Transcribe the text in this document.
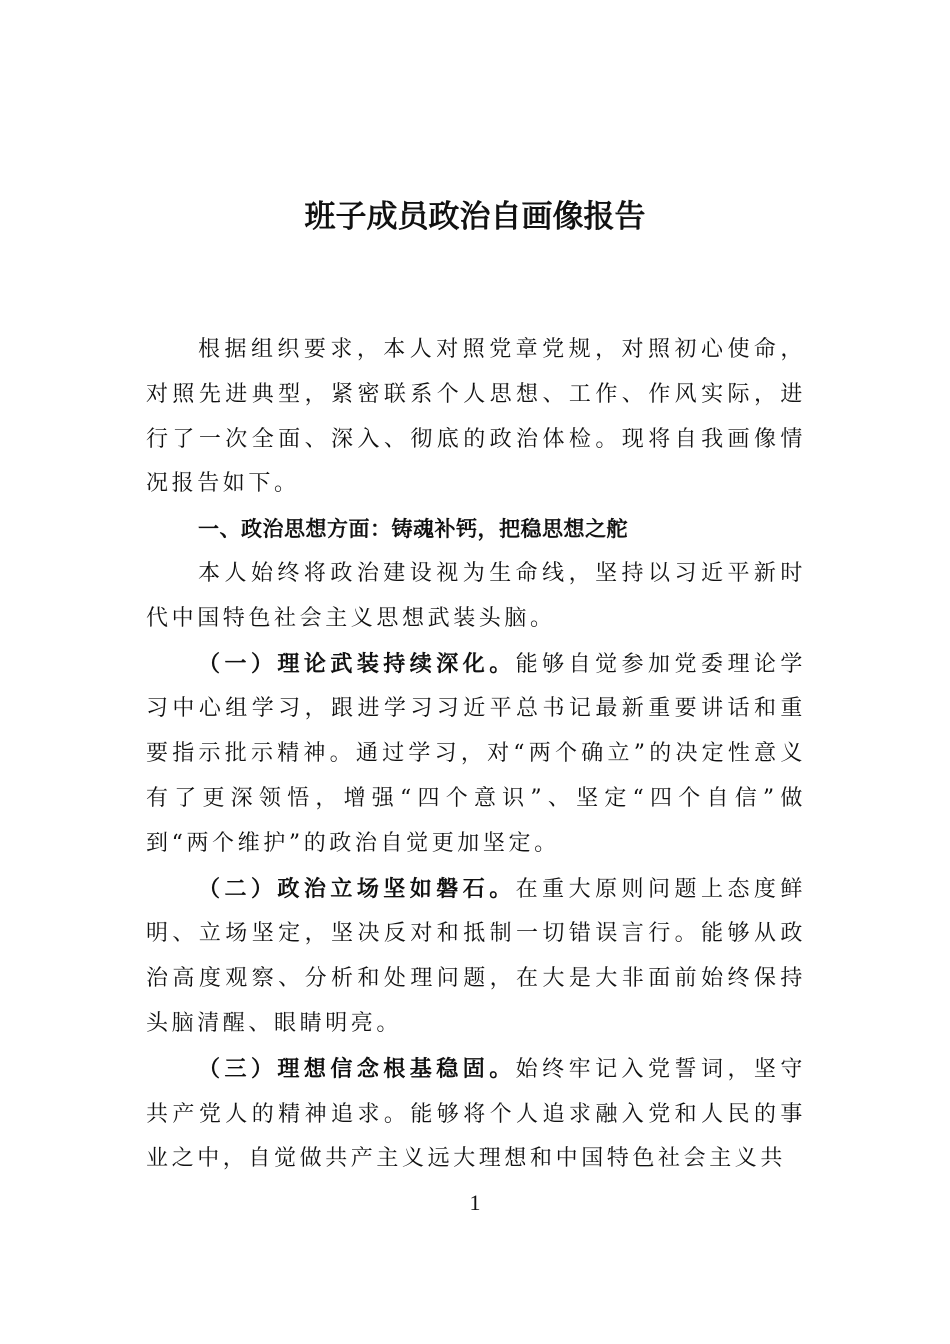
班子成员政治自画像报告

根据组织要求，本人对照党章党规，对照初心使命，对照先进典型，紧密联系个人思想、工作、作风实际，进行了一次全面、深入、彻底的政治体检。现将自我画像情况报告如下。

一、政治思想方面：铸魂补钙，把稳思想之舵

本人始终将政治建设视为生命线，坚持以习近平新时代中国特色社会主义思想武装头脑。

（一）理论武装持续深化。能够自觉参加党委理论学习中心组学习，跟进学习习近平总书记最新重要讲话和重要指示批示精神。通过学习，对“两个确立”的决定性意义有了更深领悟，增强“四个意识”、坚定“四个自信”做到“两个维护”的政治自觉更加坚定。

（二）政治立场坚如磐石。在重大原则问题上态度鲜明、立场坚定，坚决反对和抵制一切错误言行。能够从政治高度观察、分析和处理问题，在大是大非面前始终保持头脑清醒、眼睛明亮。

（三）理想信念根基稳固。始终牢记入党誓词，坚守共产党人的精神追求。能够将个人追求融入党和人民的事业之中，自觉做共产主义远大理想和中国特色社会主义共

1
